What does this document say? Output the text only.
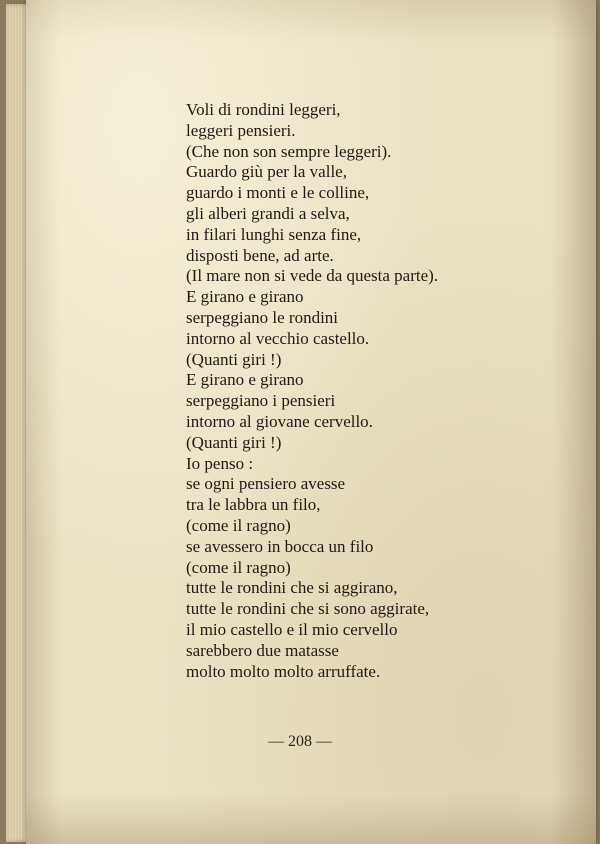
Voli di rondini leggeri,
leggeri pensieri.
(Che non son sempre leggeri).
Guardo giù per la valle,
guardo i monti e le colline,
gli alberi grandi a selva,
in filari lunghi senza fine,
disposti bene, ad arte.
(Il mare non si vede da questa parte).
E girano e girano
serpeggiano le rondini
intorno al vecchio castello.
(Quanti giri !)
E girano e girano
serpeggiano i pensieri
intorno al giovane cervello.
(Quanti giri !)
Io penso :
se ogni pensiero avesse
tra le labbra un filo,
(come il ragno)
se avessero in bocca un filo
(come il ragno)
tutte le rondini che si aggirano,
tutte le rondini che si sono aggirate,
il mio castello e il mio cervello
sarebbero due matasse
molto molto molto arruffate.
— 208 —
